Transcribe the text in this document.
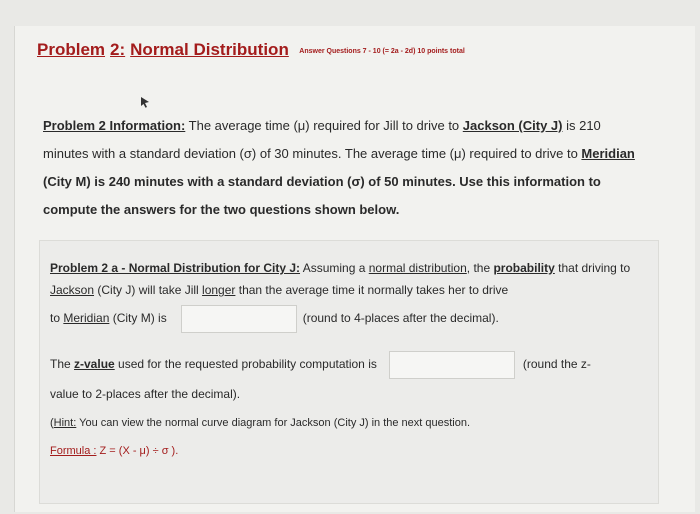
Problem 2: Normal Distribution Answer Questions 7 - 10 (= 2a - 2d) 10 points total
Problem 2 Information: The average time (μ) required for Jill to drive to Jackson (City J) is 210 minutes with a standard deviation (σ) of 30 minutes. The average time (μ) required to drive to Meridian (City M) is 240 minutes with a standard deviation (σ) of 50 minutes. Use this information to compute the answers for the two questions shown below.
Problem 2 a - Normal Distribution for City J: Assuming a normal distribution, the probability that driving to Jackson (City J) will take Jill longer than the average time it normally takes her to drive
to Meridian (City M) is	(round to 4-places after the decimal).
The z-value used for the requested probability computation is	(round the z-
value to 2-places after the decimal).
(Hint: You can view the normal curve diagram for Jackson (City J) in the next question.
Formula : Z = (X - μ) ÷ σ ).
